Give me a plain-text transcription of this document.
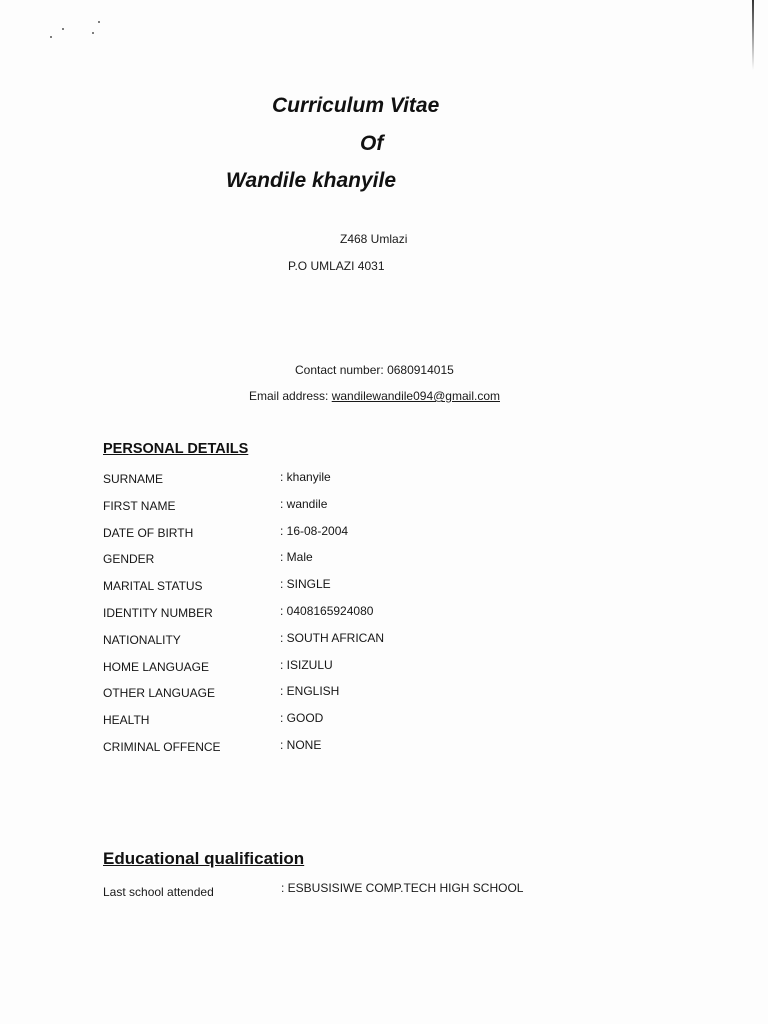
Curriculum Vitae
Of
Wandile khanyile
Z468 Umlazi
P.O UMLAZI 4031
Contact number: 0680914015
Email address: wandilewandile094@gmail.com
PERSONAL DETAILS
SURNAME	: khanyile
FIRST NAME	: wandile
DATE OF BIRTH	: 16-08-2004
GENDER	: Male
MARITAL STATUS	: SINGLE
IDENTITY NUMBER	: 0408165924080
NATIONALITY	: SOUTH AFRICAN
HOME LANGUAGE	: ISIZULU
OTHER LANGUAGE	: ENGLISH
HEALTH	: GOOD
CRIMINAL OFFENCE	: NONE
Educational qualification
Last school attended	: ESBUSISIWE COMP.TECH HIGH SCHOOL
